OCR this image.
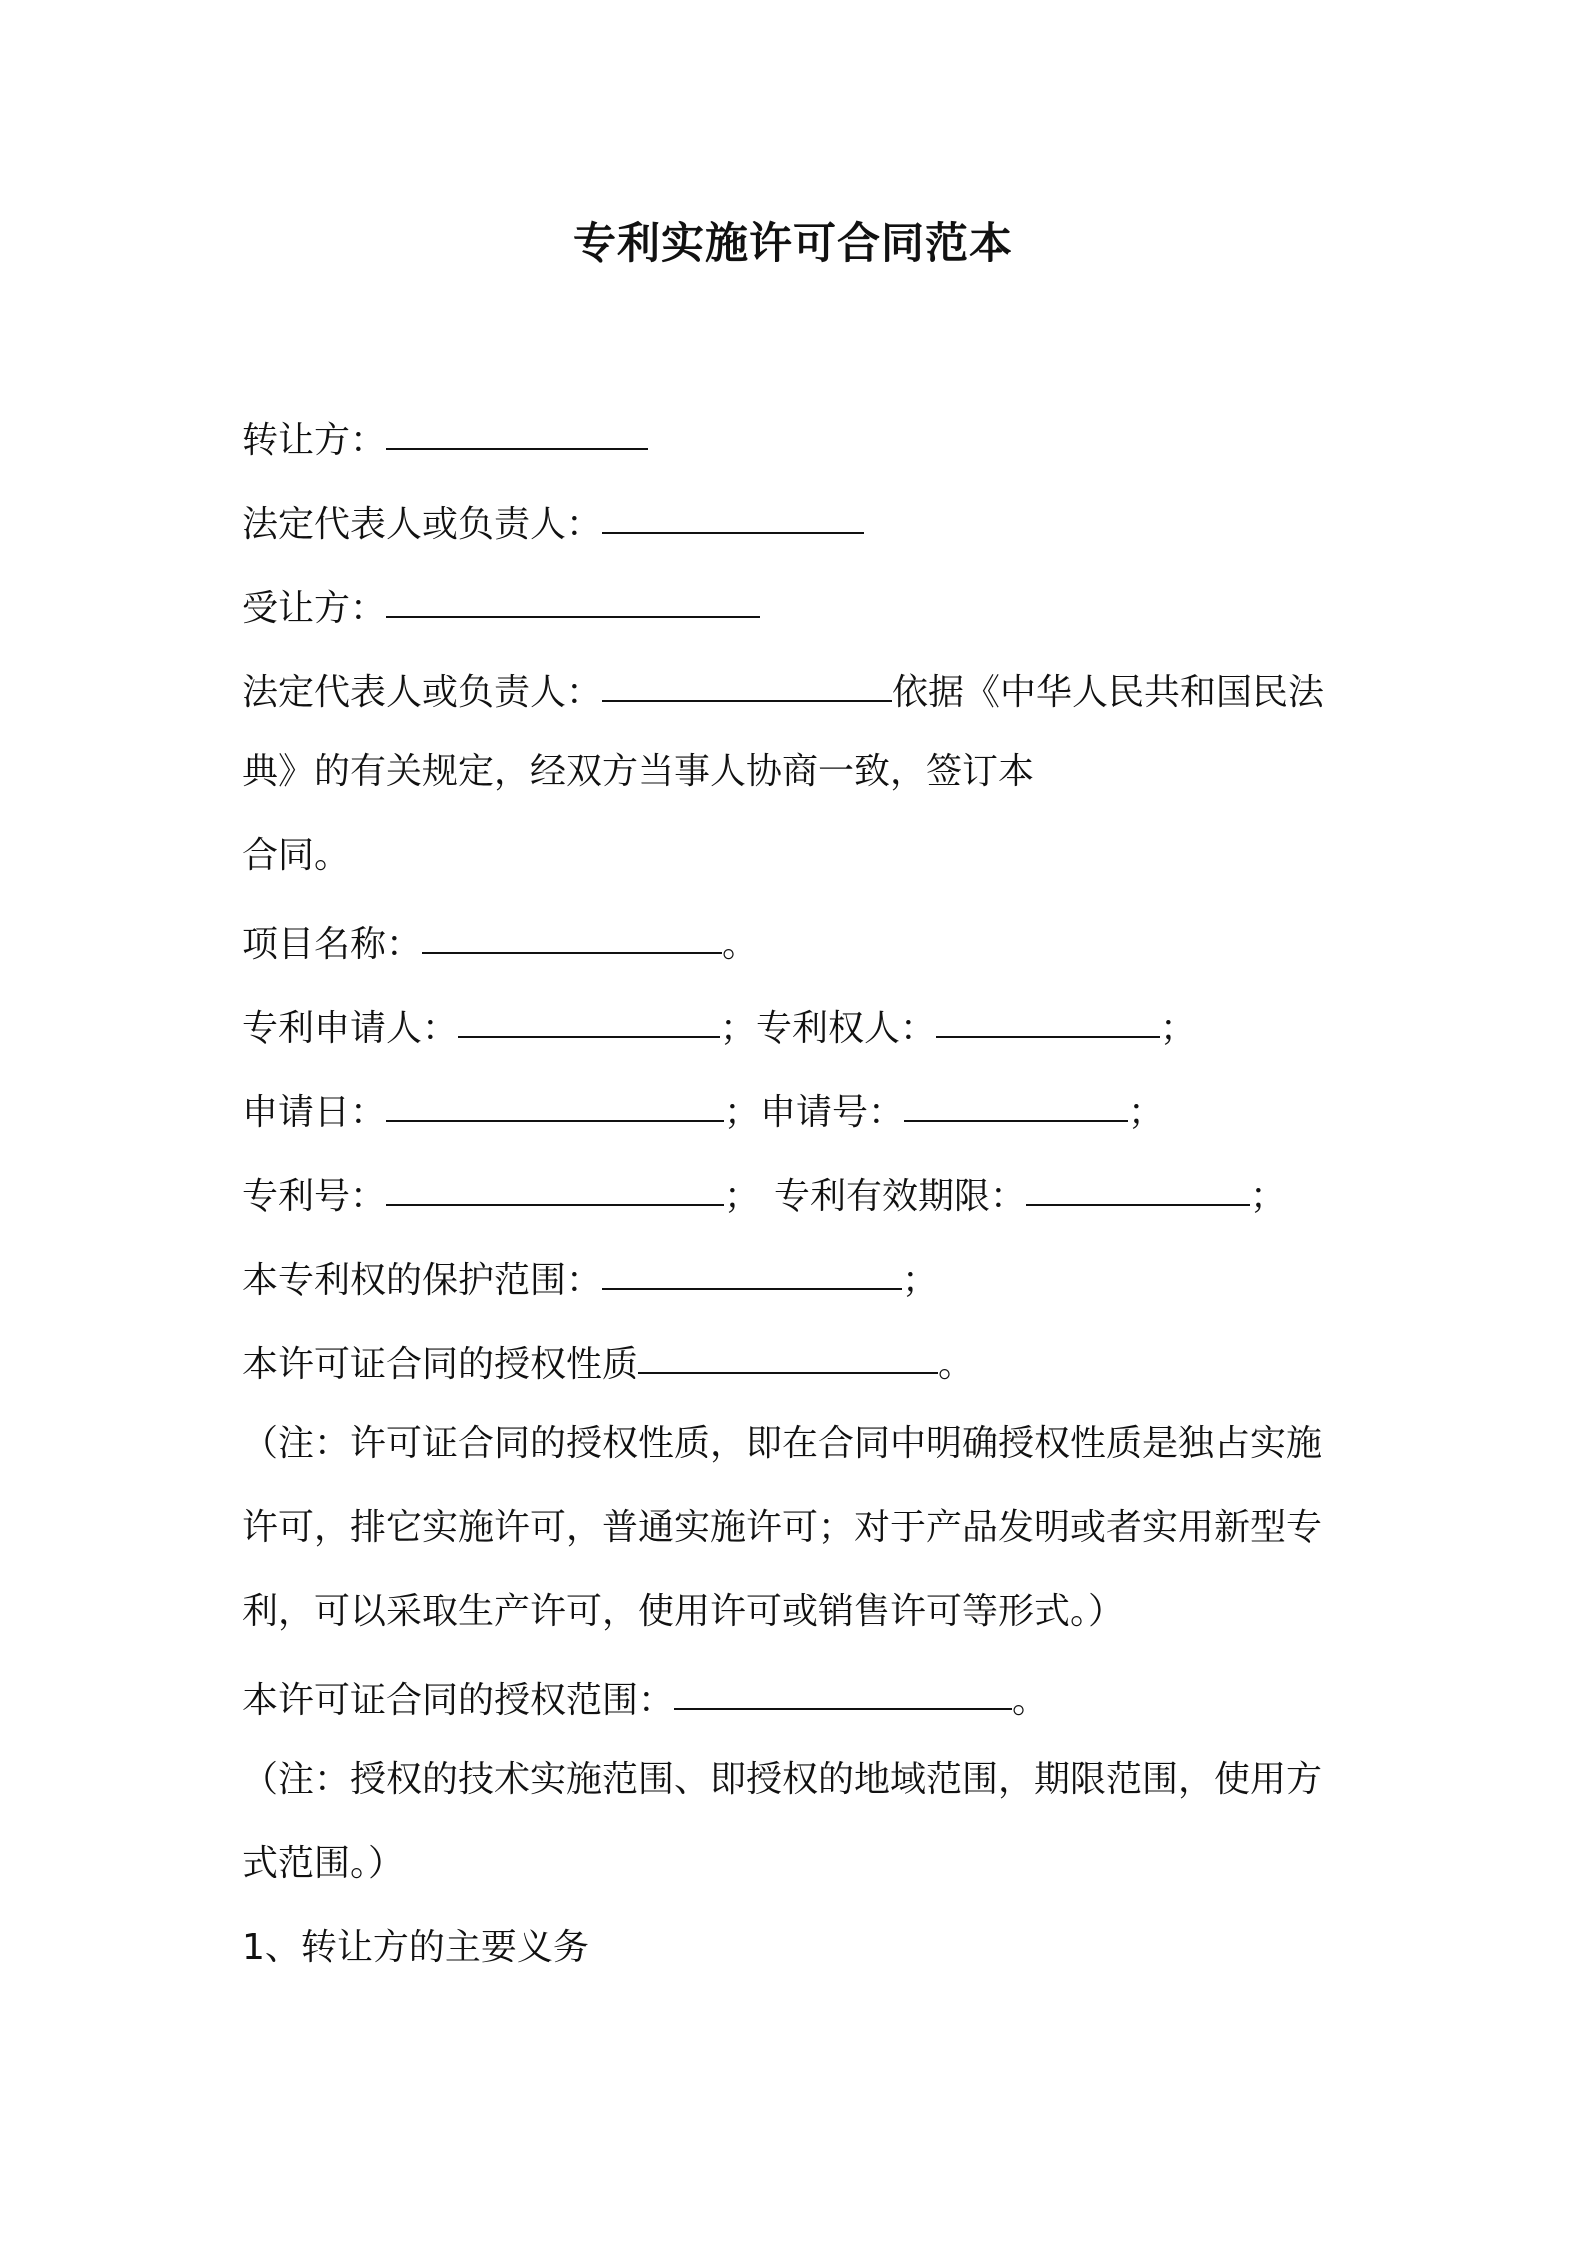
专利实施许可合同范本
转让方：
法定代表人或负责人：
受让方：
法定代表人或负责人：	依据《中华人民共和国民法
典》的有关规定，经双方当事人协商一致，签订本
合同。
项目名称：	。
专利申请人：	；专利权人：	；
申请日：	；申请号：	；
专利号：	； 专利有效期限：	；
本专利权的保护范围：	；
本许可证合同的授权性质	。
（注：许可证合同的授权性质，即在合同中明确授权性质是独占实施
许可，排它实施许可，普通实施许可；对于产品发明或者实用新型专
利，可以采取生产许可，使用许可或销售许可等形式。）
本许可证合同的授权范围：	。
（注：授权的技术实施范围、即授权的地域范围，期限范围，使用方
式范围。）
1、转让方的主要义务
